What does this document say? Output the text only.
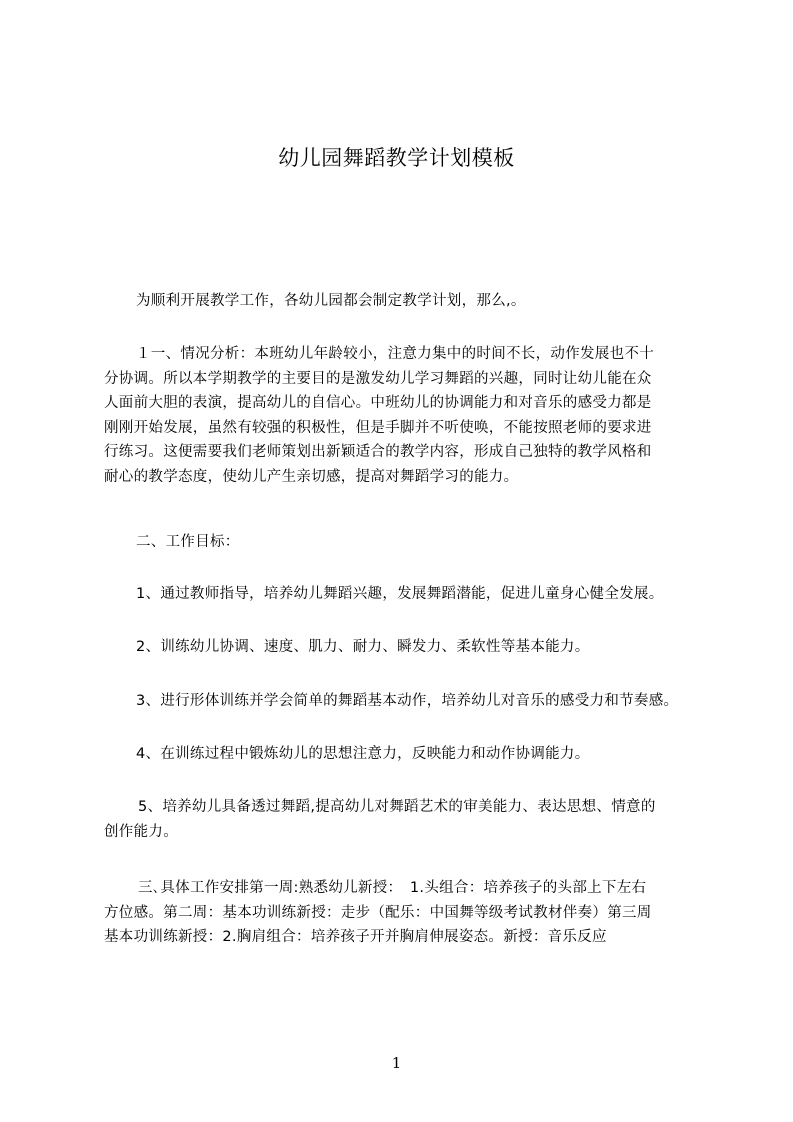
幼儿园舞蹈教学计划模板
为顺利开展教学工作，各幼儿园都会制定教学计划，那么,。
１一、情况分析：本班幼儿年龄较小，注意力集中的时间不长，动作发展也不十
分协调。所以本学期教学的主要目的是激发幼儿学习舞蹈的兴趣，同时让幼儿能在众
人面前大胆的表演，提高幼儿的自信心。中班幼儿的协调能力和对音乐的感受力都是
刚刚开始发展，虽然有较强的积极性，但是手脚并不听使唤，不能按照老师的要求进
行练习。这便需要我们老师策划出新颖适合的教学内容，形成自己独特的教学风格和
耐心的教学态度，使幼儿产生亲切感，提高对舞蹈学习的能力。
二、工作目标：
1、通过教师指导，培养幼儿舞蹈兴趣，发展舞蹈潜能，促进儿童身心健全发展。
2、训练幼儿协调、速度、肌力、耐力、瞬发力、柔软性等基本能力。
3、进行形体训练并学会简单的舞蹈基本动作，培养幼儿对音乐的感受力和节奏感。
4、在训练过程中锻炼幼儿的思想注意力，反映能力和动作协调能力。
5、培养幼儿具备透过舞蹈,提高幼儿对舞蹈艺术的审美能力、表达思想、情意的
创作能力。
三､具体工作安排第一周:熟悉幼儿新授：　1.头组合：培养孩子的头部上下左右
方位感。第二周：基本功训练新授：走步（配乐：中国舞等级考试教材伴奏）第三周
基本功训练新授：2.胸肩组合：培养孩子开并胸肩伸展姿态。新授：音乐反应
1
